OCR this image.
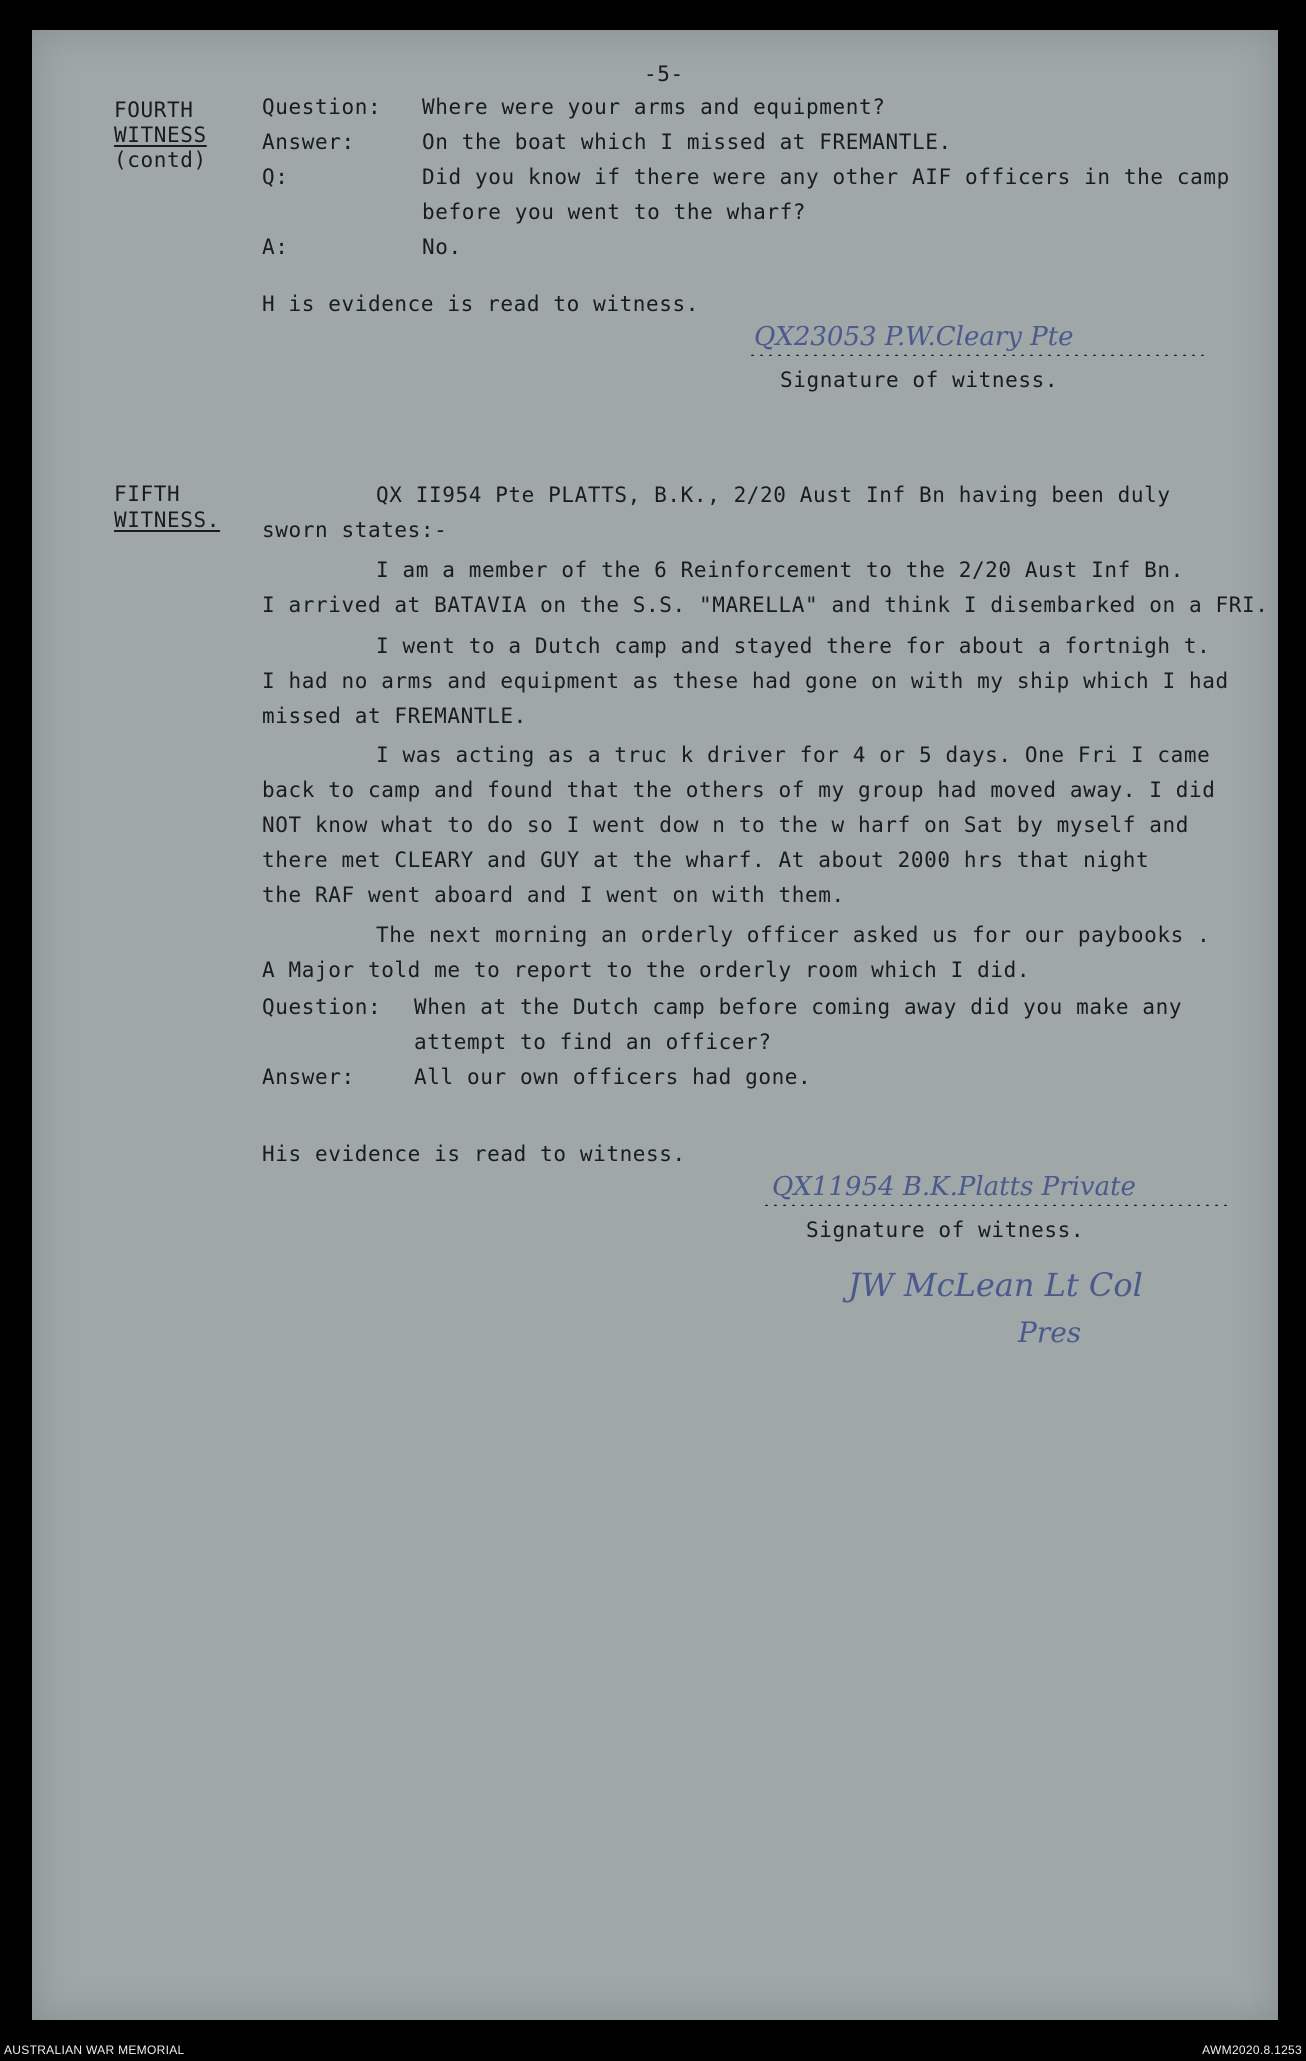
-5-
FOURTH
WITNESS
(contd)
Question: Where were your arms and equipment?
Answer:	On the boat which I missed at FREMANTLE.
Q:	Did you know if there were any other AIF officers in the camp
before you went to the wharf?
A:	No.
H is evidence is read to witness.
QX23053 P.W.Cleary Pte
Signature of witness.
FIFTH
WITNESS.
QX II954 Pte PLATTS, B.K., 2/20 Aust Inf Bn having been duly
sworn states:-
I am a member of the 6 Reinforcement to the 2/20 Aust Inf Bn.
I arrived at BATAVIA on the S.S. "MARELLA" and think I disembarked on a FRI.
I went to a Dutch camp and stayed there for about a fortnigh t.
I had no arms and equipment as these had gone on with my ship which I had
missed at FREMANTLE.
I was acting as a truc k driver for 4 or 5 days. One Fri I came
back to camp and found that the others of my group had moved away. I did
NOT know what to do so I went dow n to the w harf on Sat by myself and
there met CLEARY and GUY at the wharf. At about 2000 hrs that night
the RAF went aboard and I went on with them.
The next morning an orderly officer asked us for our paybooks .
A Major told me to report to the orderly room which I did.
Question: When at the Dutch camp before coming away did you make any
attempt to find an officer?
Answer:	All our own officers had gone.
His evidence is read to witness.
QX11954 B.K.Platts Private
Signature of witness.
JW McLean Lt Col
Pres
AUSTRALIAN WAR MEMORIAL	AWM2020.8.1253
